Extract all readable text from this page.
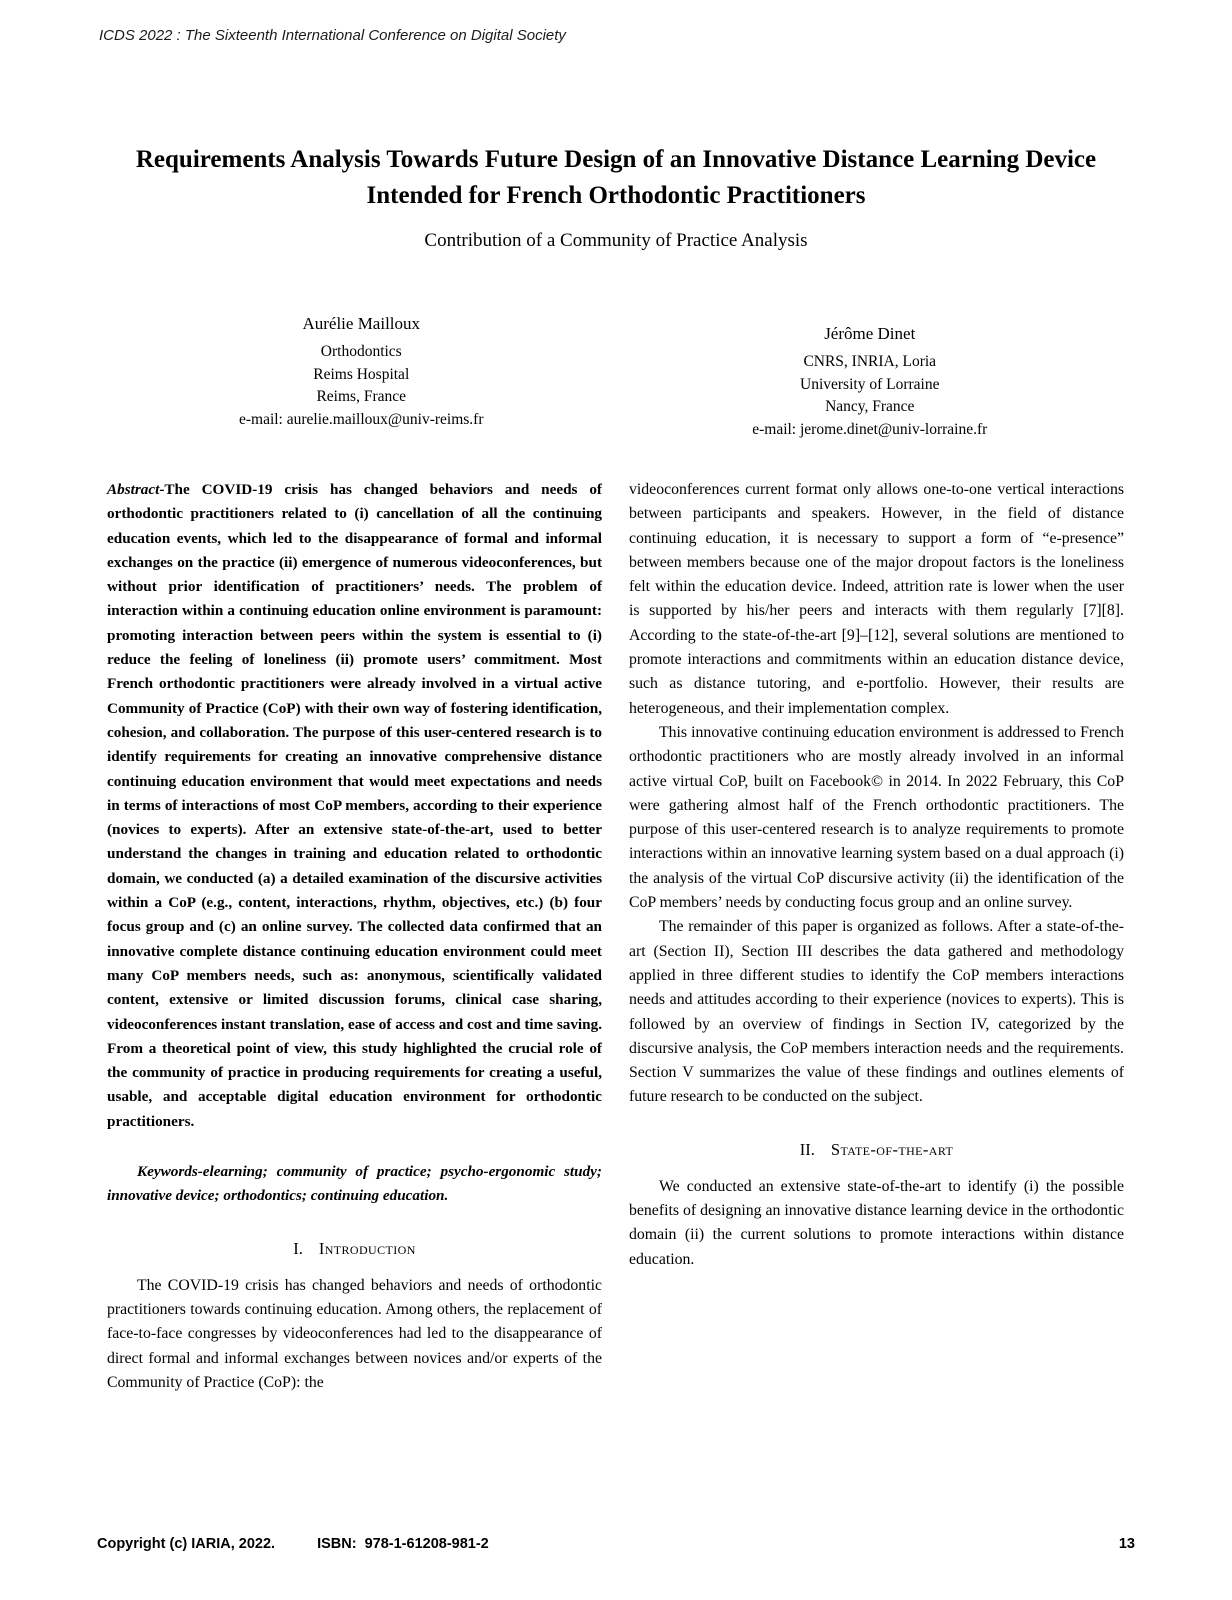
ICDS 2022 : The Sixteenth International Conference on Digital Society
Requirements Analysis Towards Future Design of an Innovative Distance Learning Device Intended for French Orthodontic Practitioners
Contribution of a Community of Practice Analysis
Aurélie Mailloux
Orthodontics
Reims Hospital
Reims, France
e-mail: aurelie.mailloux@univ-reims.fr
Jérôme Dinet
CNRS, INRIA, Loria
University of Lorraine
Nancy, France
e-mail: jerome.dinet@univ-lorraine.fr

Abstract-The COVID-19 crisis has changed behaviors and needs of orthodontic practitioners related to (i) cancellation of all the continuing education events, which led to the disappearance of formal and informal exchanges on the practice (ii) emergence of numerous videoconferences, but without prior identification of practitioners’ needs. The problem of interaction within a continuing education online environment is paramount: promoting interaction between peers within the system is essential to (i) reduce the feeling of loneliness (ii) promote users’ commitment. Most French orthodontic practitioners were already involved in a virtual active Community of Practice (CoP) with their own way of fostering identification, cohesion, and collaboration. The purpose of this user-centered research is to identify requirements for creating an innovative comprehensive distance continuing education environment that would meet expectations and needs in terms of interactions of most CoP members, according to their experience (novices to experts). After an extensive state-of-the-art, used to better understand the changes in training and education related to orthodontic domain, we conducted (a) a detailed examination of the discursive activities within a CoP (e.g., content, interactions, rhythm, objectives, etc.) (b) four focus group and (c) an online survey. The collected data confirmed that an innovative complete distance continuing education environment could meet many CoP members needs, such as: anonymous, scientifically validated content, extensive or limited discussion forums, clinical case sharing, videoconferences instant translation, ease of access and cost and time saving. From a theoretical point of view, this study highlighted the crucial role of the community of practice in producing requirements for creating a useful, usable, and acceptable digital education environment for orthodontic practitioners.

Keywords-elearning; community of practice; psycho-ergonomic study; innovative device; orthodontics; continuing education.

I. Introduction

The COVID-19 crisis has changed behaviors and needs of orthodontic practitioners towards continuing education. Among others, the replacement of face-to-face congresses by videoconferences had led to the disappearance of direct formal and informal exchanges between novices and/or experts of the Community of Practice (CoP): the

videoconferences current format only allows one-to-one vertical interactions between participants and speakers. However, in the field of distance continuing education, it is necessary to support a form of “e-presence” between members because one of the major dropout factors is the loneliness felt within the education device. Indeed, attrition rate is lower when the user is supported by his/her peers and interacts with them regularly [7][8]. According to the state-of-the-art [9]–[12], several solutions are mentioned to promote interactions and commitments within an education distance device, such as distance tutoring, and e-portfolio. However, their results are heterogeneous, and their implementation complex.

This innovative continuing education environment is addressed to French orthodontic practitioners who are mostly already involved in an informal active virtual CoP, built on Facebook© in 2014. In 2022 February, this CoP were gathering almost half of the French orthodontic practitioners. The purpose of this user-centered research is to analyze requirements to promote interactions within an innovative learning system based on a dual approach (i) the analysis of the virtual CoP discursive activity (ii) the identification of the CoP members’ needs by conducting focus group and an online survey.

The remainder of this paper is organized as follows. After a state-of-the-art (Section II), Section III describes the data gathered and methodology applied in three different studies to identify the CoP members interactions needs and attitudes according to their experience (novices to experts). This is followed by an overview of findings in Section IV, categorized by the discursive analysis, the CoP members interaction needs and the requirements. Section V summarizes the value of these findings and outlines elements of future research to be conducted on the subject.

II. State-of-the-art

We conducted an extensive state-of-the-art to identify (i) the possible benefits of designing an innovative distance learning device in the orthodontic domain (ii) the current solutions to promote interactions within distance education.

Copyright (c) IARIA, 2022.	ISBN:  978-1-61208-981-2	13
